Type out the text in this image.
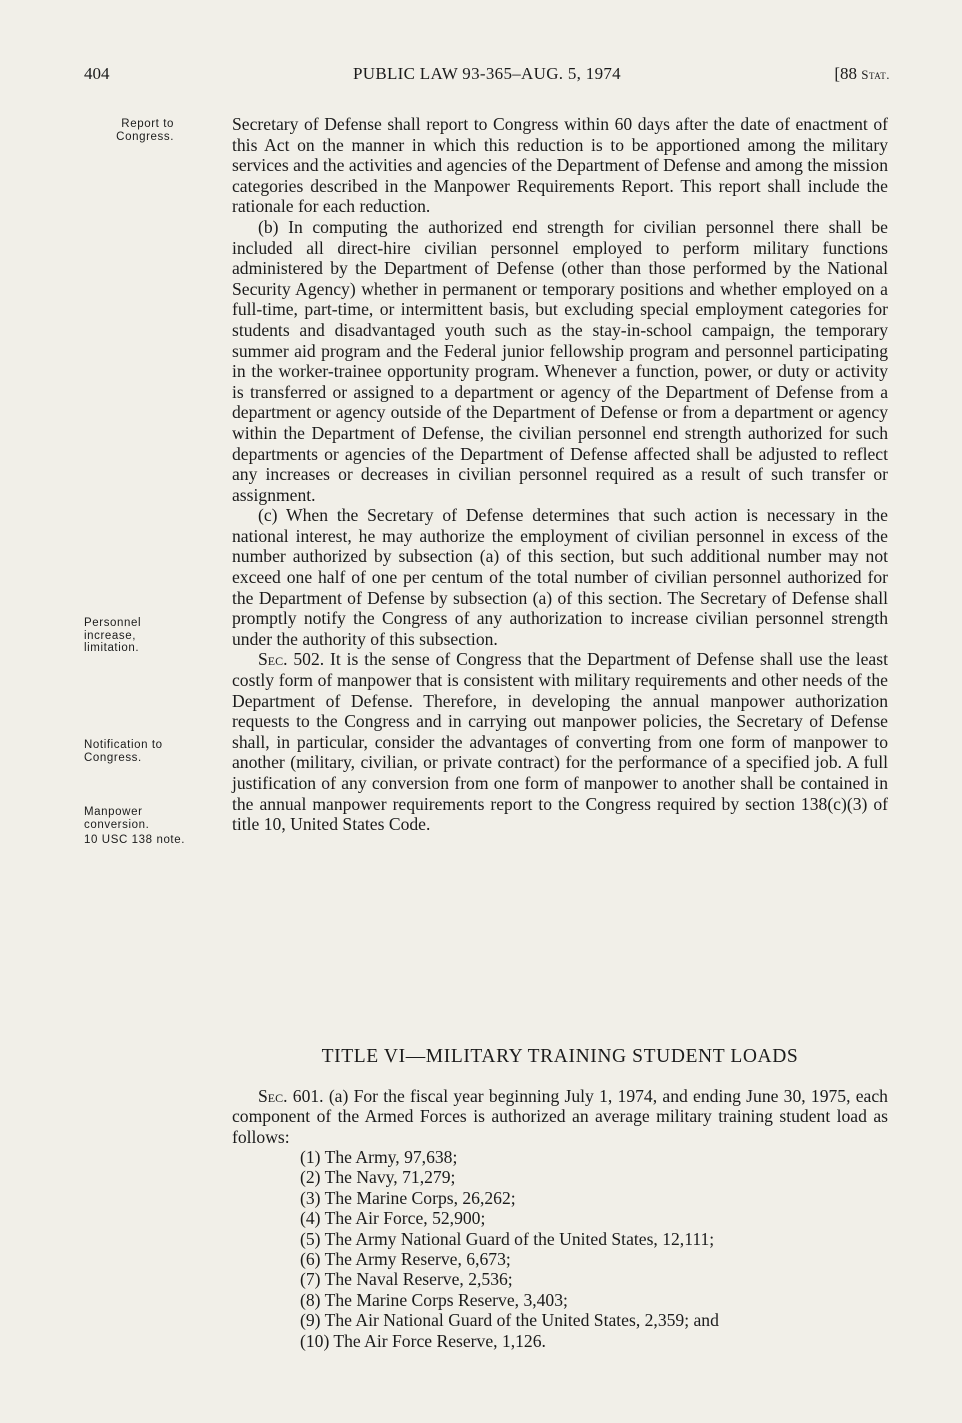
404	PUBLIC LAW 93-365–AUG. 5, 1974	[88 Stat.
Report to Congress.
Personnel increase, limitation.
Notification to Congress.
Manpower conversion.
10 USC 138 note.

Secretary of Defense shall report to Congress within 60 days after the date of enactment of this Act on the manner in which this reduction is to be apportioned among the military services and the activities and agencies of the Department of Defense and among the mission categories described in the Manpower Requirements Report. This report shall include the rationale for each reduction.

(b) In computing the authorized end strength for civilian personnel there shall be included all direct-hire civilian personnel employed to perform military functions administered by the Department of Defense (other than those performed by the National Security Agency) whether in permanent or temporary positions and whether employed on a full-time, part-time, or intermittent basis, but excluding special employment categories for students and disadvantaged youth such as the stay-in-school campaign, the temporary summer aid program and the Federal junior fellowship program and personnel participating in the worker-trainee opportunity program. Whenever a function, power, or duty or activity is transferred or assigned to a department or agency of the Department of Defense from a department or agency outside of the Department of Defense or from a department or agency within the Department of Defense, the civilian personnel end strength authorized for such departments or agencies of the Department of Defense affected shall be adjusted to reflect any increases or decreases in civilian personnel required as a result of such transfer or assignment.

(c) When the Secretary of Defense determines that such action is necessary in the national interest, he may authorize the employment of civilian personnel in excess of the number authorized by subsection (a) of this section, but such additional number may not exceed one half of one per centum of the total number of civilian personnel authorized for the Department of Defense by subsection (a) of this section. The Secretary of Defense shall promptly notify the Congress of any authorization to increase civilian personnel strength under the authority of this subsection.

Sec. 502. It is the sense of Congress that the Department of Defense shall use the least costly form of manpower that is consistent with military requirements and other needs of the Department of Defense. Therefore, in developing the annual manpower authorization requests to the Congress and in carrying out manpower policies, the Secretary of Defense shall, in particular, consider the advantages of converting from one form of manpower to another (military, civilian, or private contract) for the performance of a specified job. A full justification of any conversion from one form of manpower to another shall be contained in the annual manpower requirements report to the Congress required by section 138(c)(3) of title 10, United States Code.

TITLE VI—MILITARY TRAINING STUDENT LOADS

Sec. 601. (a) For the fiscal year beginning July 1, 1974, and ending June 30, 1975, each component of the Armed Forces is authorized an average military training student load as follows:

(1) The Army, 97,638;
(2) The Navy, 71,279;
(3) The Marine Corps, 26,262;
(4) The Air Force, 52,900;
(5) The Army National Guard of the United States, 12,111;
(6) The Army Reserve, 6,673;
(7) The Naval Reserve, 2,536;
(8) The Marine Corps Reserve, 3,403;
(9) The Air National Guard of the United States, 2,359; and
(10) The Air Force Reserve, 1,126.
